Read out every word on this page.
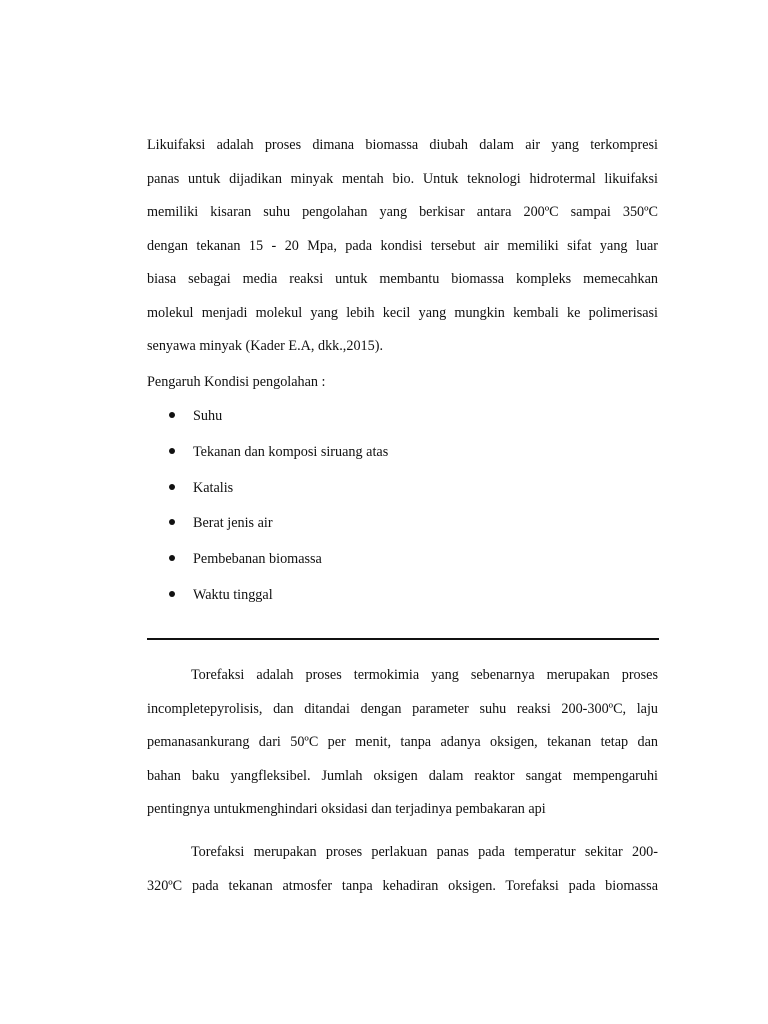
Likuifaksi adalah proses dimana biomassa diubah dalam air yang terkompresi
panas untuk dijadikan minyak mentah bio. Untuk teknologi hidrotermal likuifaksi
memiliki kisaran suhu pengolahan yang berkisar antara 200ºC sampai 350ºC
dengan tekanan 15 - 20 Mpa, pada kondisi tersebut air memiliki sifat yang luar
biasa sebagai media reaksi untuk membantu biomassa kompleks memecahkan
molekul menjadi molekul yang lebih kecil yang mungkin kembali ke polimerisasi
senyawa minyak (Kader E.A, dkk.,2015).
Pengaruh Kondisi pengolahan :
Suhu
Tekanan dan komposi siruang atas
Katalis
Berat jenis air
Pembebanan biomassa
Waktu tinggal
Torefaksi adalah proses termokimia yang sebenarnya merupakan proses
incompletepyrolisis, dan ditandai dengan parameter suhu reaksi 200-300ºC, laju
pemanasankurang dari 50ºC per menit, tanpa adanya oksigen, tekanan tetap dan
bahan baku yangfleksibel. Jumlah oksigen dalam reaktor sangat mempengaruhi
pentingnya untukmenghindari oksidasi dan terjadinya pembakaran api
Torefaksi merupakan proses perlakuan panas pada temperatur sekitar 200-
320ºC pada tekanan atmosfer tanpa kehadiran oksigen. Torefaksi pada biomassa
